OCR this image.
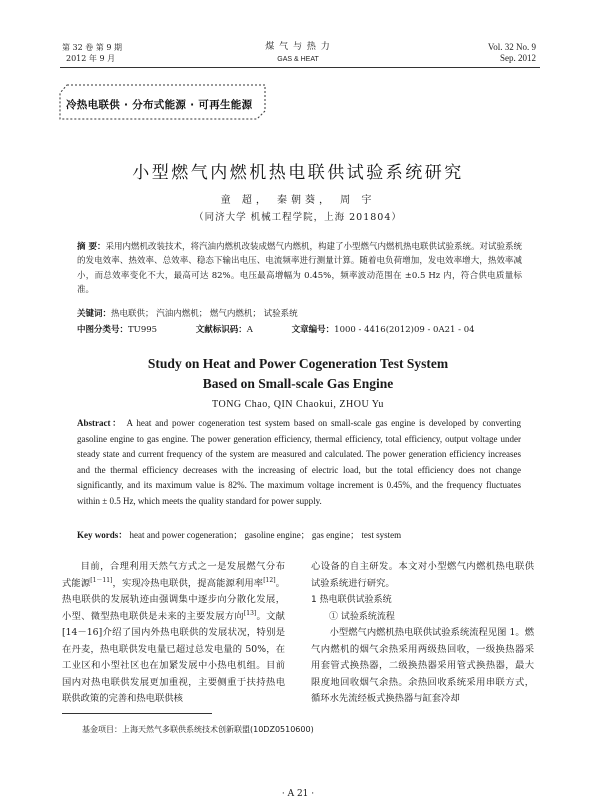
第 32 卷 第 9 期
2012 年 9 月
煤 气 与 热 力
GAS & HEAT
Vol. 32 No. 9
Sep. 2012
冷热电联供 · 分布式能源 · 可再生能源
小型燃气内燃机热电联供试验系统研究
童 超， 秦朝葵， 周 宇
（同济大学 机械工程学院，上海 201804）
摘 要：采用内燃机改装技术，将汽油内燃机改装成燃气内燃机，构建了小型燃气内燃机热电联供试验系统。对试验系统的发电效率、热效率、总效率、稳态下输出电压、电流频率进行测量计算。随着电负荷增加，发电效率增大，热效率减小，而总效率变化不大，最高可达 82%。电压最高增幅为 0.45%，频率波动范围在 ±0.5 Hz 内，符合供电质量标准。
关键词：热电联供； 汽油内燃机； 燃气内燃机； 试验系统
中图分类号：TU995	文献标识码：A	文章编号：1000 - 4416(2012)09 - 0A21 - 04
Study on Heat and Power Cogeneration Test System
Based on Small-scale Gas Engine
TONG Chao, QIN Chaokui, ZHOU Yu
Abstract： A heat and power cogeneration test system based on small-scale gas engine is developed by converting gasoline engine to gas engine. The power generation efficiency, thermal efficiency, total efficiency, output voltage under steady state and current frequency of the system are measured and calculated. The power generation efficiency increases and the thermal efficiency decreases with the increasing of electric load, but the total efficiency does not change significantly, and its maximum value is 82%. The maximum voltage increment is 0.45%, and the frequency fluctuates within ± 0.5 Hz, which meets the quality standard for power supply.
Key words： heat and power cogeneration； gasoline engine； gas engine； test system

目前，合理利用天然气方式之一是发展燃气分布式能源[1－11]，实现冷热电联供，提高能源利用率[12]。热电联供的发展轨迹由强调集中逐步向分散化发展，小型、微型热电联供是未来的主要发展方向[13]。文献[14－16]介绍了国内外热电联供的发展状况，特别是在丹麦，热电联供发电量已超过总发电量的 50%，在工业区和小型社区也在加紧发展中小热电机组。目前国内对热电联供发展更加重视，主要侧重于扶持热电联供政策的完善和热电联供核

心设备的自主研发。本文对小型燃气内燃机热电联供试验系统进行研究。

1 热电联供试验系统

① 试验系统流程

小型燃气内燃机热电联供试验系统流程见图 1。燃气内燃机的烟气余热采用两级热回收，一级换热器采用套管式换热器，二级换热器采用管式换热器，最大限度地回收烟气余热。余热回收系统采用串联方式，循环水先流经板式换热器与缸套冷却

基金项目：上海天然气多联供系统技术创新联盟(10DZ0510600)
· A 21 ·
